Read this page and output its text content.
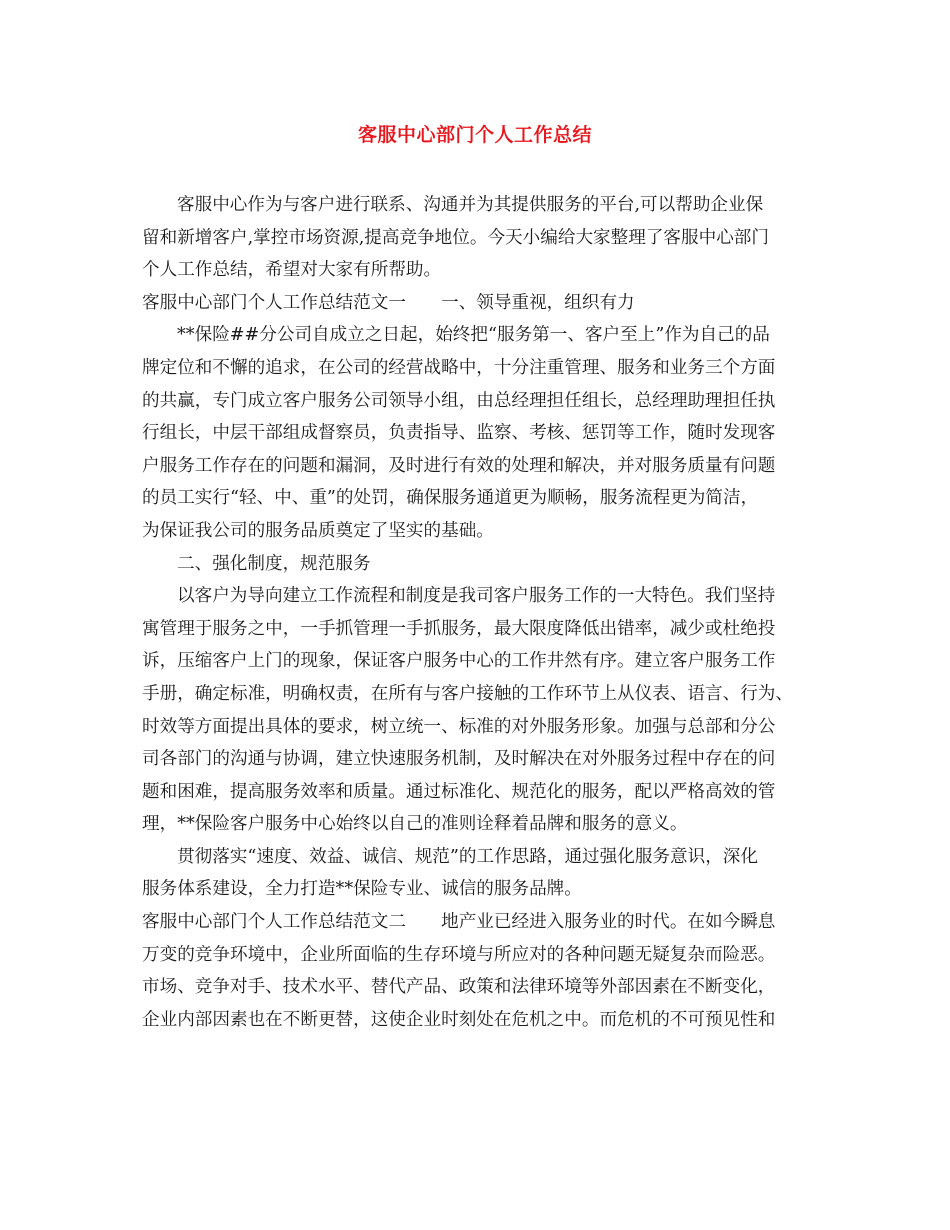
客服中心部门个人工作总结
客服中心作为与客户进行联系、沟通并为其提供服务的平台,可以帮助企业保
留和新增客户,掌控市场资源,提高竞争地位。今天小编给大家整理了客服中心部门
个人工作总结，希望对大家有所帮助。
客服中心部门个人工作总结范文一　　一、领导重视，组织有力
**保险##分公司自成立之日起，始终把“服务第一、客户至上”作为自己的品
牌定位和不懈的追求，在公司的经营战略中，十分注重管理、服务和业务三个方面
的共赢，专门成立客户服务公司领导小组，由总经理担任组长，总经理助理担任执
行组长，中层干部组成督察员，负责指导、监察、考核、惩罚等工作，随时发现客
户服务工作存在的问题和漏洞，及时进行有效的处理和解决，并对服务质量有问题
的员工实行“轻、中、重”的处罚，确保服务通道更为顺畅，服务流程更为简洁，
为保证我公司的服务品质奠定了坚实的基础。
二、强化制度，规范服务
以客户为导向建立工作流程和制度是我司客户服务工作的一大特色。我们坚持
寓管理于服务之中，一手抓管理一手抓服务，最大限度降低出错率，减少或杜绝投
诉，压缩客户上门的现象，保证客户服务中心的工作井然有序。建立客户服务工作
手册，确定标准，明确权责，在所有与客户接触的工作环节上从仪表、语言、行为、
时效等方面提出具体的要求，树立统一、标准的对外服务形象。加强与总部和分公
司各部门的沟通与协调，建立快速服务机制，及时解决在对外服务过程中存在的问
题和困难，提高服务效率和质量。通过标准化、规范化的服务，配以严格高效的管
理，**保险客户服务中心始终以自己的准则诠释着品牌和服务的意义。
贯彻落实“速度、效益、诚信、规范”的工作思路，通过强化服务意识，深化
服务体系建设，全力打造**保险专业、诚信的服务品牌。
客服中心部门个人工作总结范文二　　地产业已经进入服务业的时代。在如今瞬息
万变的竞争环境中，企业所面临的生存环境与所应对的各种问题无疑复杂而险恶。
市场、竞争对手、技术水平、替代产品、政策和法律环境等外部因素在不断变化，
企业内部因素也在不断更替，这使企业时刻处在危机之中。而危机的不可预见性和
